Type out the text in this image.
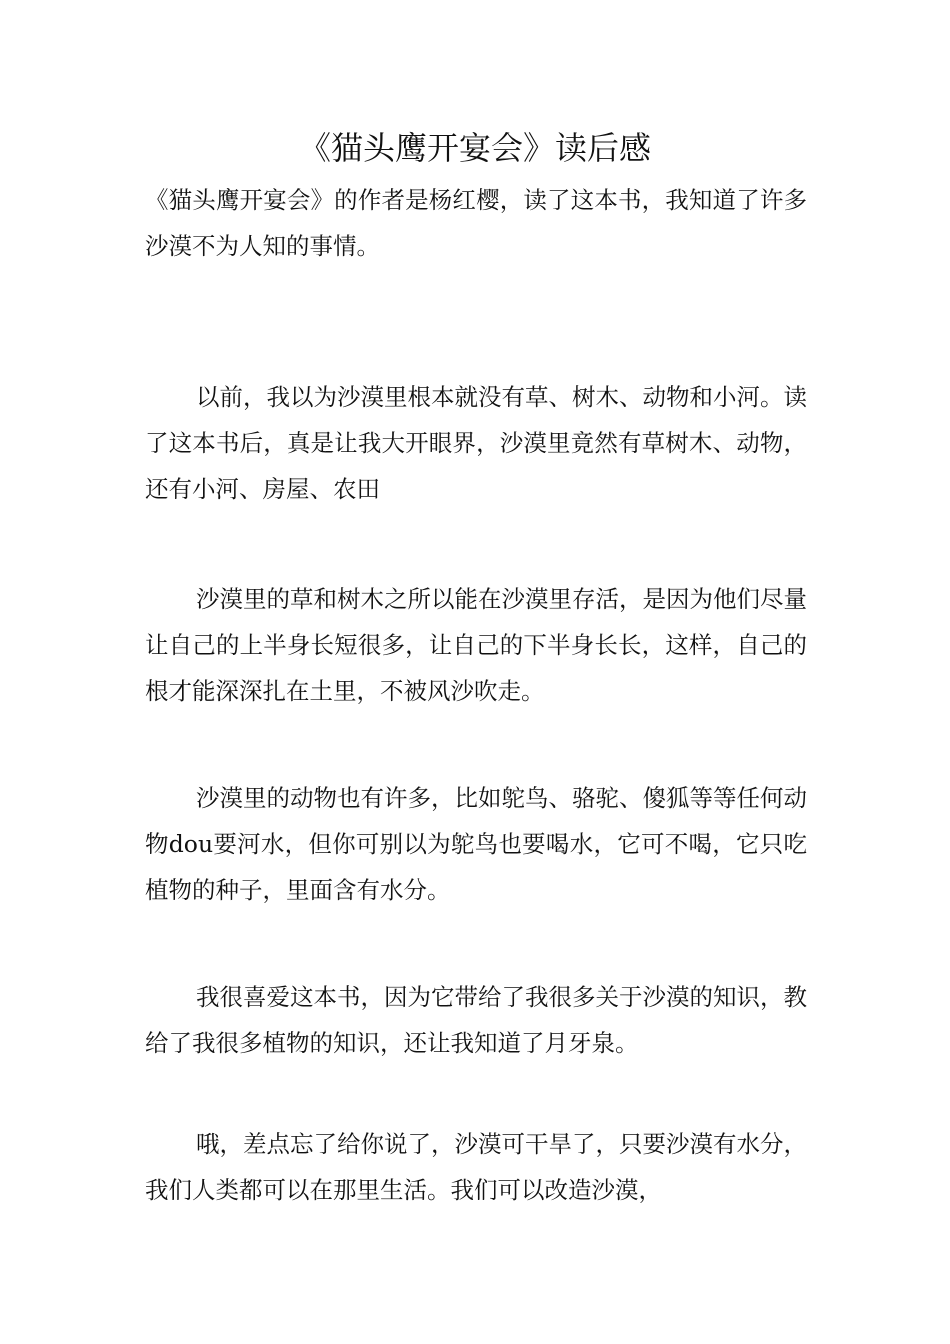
《猫头鹰开宴会》读后感

《猫头鹰开宴会》的作者是杨红樱，读了这本书，我知道了许多沙漠不为人知的事情。

以前，我以为沙漠里根本就没有草、树木、动物和小河。读了这本书后，真是让我大开眼界，沙漠里竟然有草树木、动物，还有小河、房屋、农田

沙漠里的草和树木之所以能在沙漠里存活，是因为他们尽量让自己的上半身长短很多，让自己的下半身长长，这样，自己的根才能深深扎在土里，不被风沙吹走。

沙漠里的动物也有许多，比如鸵鸟、骆驼、傻狐等等任何动物dou要河水，但你可别以为鸵鸟也要喝水，它可不喝，它只吃植物的种子，里面含有水分。

我很喜爱这本书，因为它带给了我很多关于沙漠的知识，教给了我很多植物的知识，还让我知道了月牙泉。

哦，差点忘了给你说了，沙漠可干旱了，只要沙漠有水分，我们人类都可以在那里生活。我们可以改造沙漠，
